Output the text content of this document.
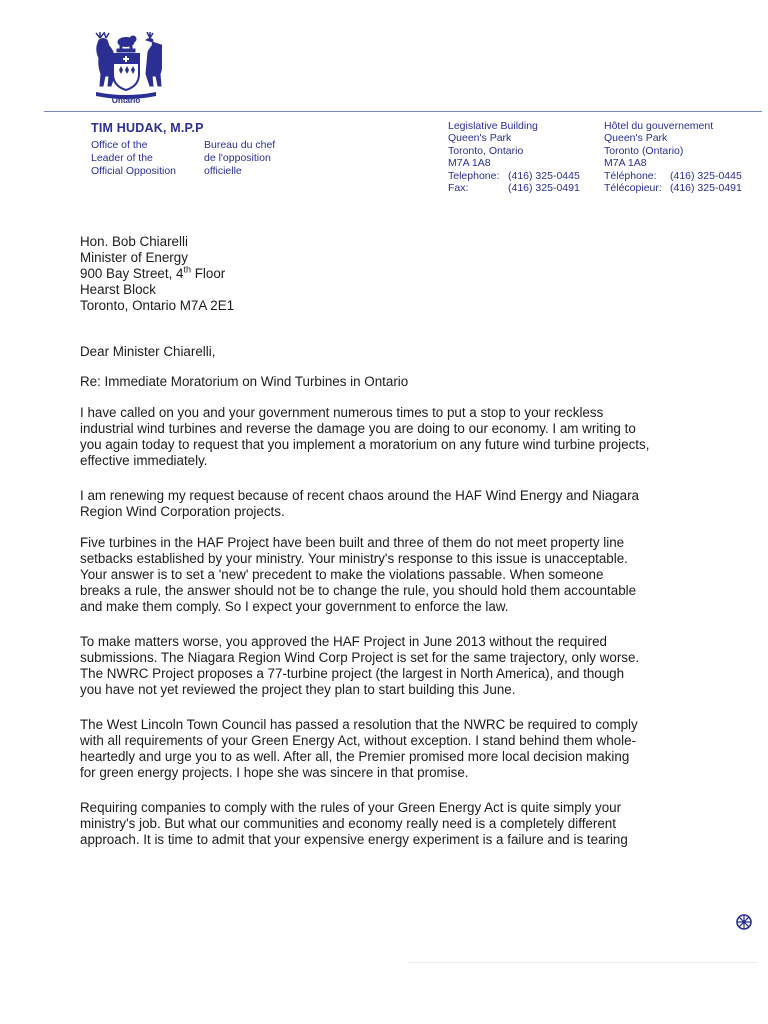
Ontario
TIM HUDAK, M.P.P
Office of the
Leader of the
Official Opposition
Bureau du chef
de l'opposition
officielle
Legislative Building
Queen's Park
Toronto, Ontario
M7A 1A8
Telephone: (416) 325-0445
Fax:	(416) 325-0491
Hôtel du gouvernement
Queen's Park
Toronto (Ontario)
M7A 1A8
Téléphone: (416) 325-0445
Télécopieur: (416) 325-0491
Hon. Bob Chiarelli
Minister of Energy
900 Bay Street, 4th Floor
Hearst Block
Toronto, Ontario M7A 2E1
Dear Minister Chiarelli,
Re: Immediate Moratorium on Wind Turbines in Ontario
I have called on you and your government numerous times to put a stop to your reckless
industrial wind turbines and reverse the damage you are doing to our economy. I am writing to
you again today to request that you implement a moratorium on any future wind turbine projects,
effective immediately.
I am renewing my request because of recent chaos around the HAF Wind Energy and Niagara
Region Wind Corporation projects.
Five turbines in the HAF Project have been built and three of them do not meet property line
setbacks established by your ministry. Your ministry's response to this issue is unacceptable.
Your answer is to set a 'new' precedent to make the violations passable. When someone
breaks a rule, the answer should not be to change the rule, you should hold them accountable
and make them comply. So I expect your government to enforce the law.
To make matters worse, you approved the HAF Project in June 2013 without the required
submissions. The Niagara Region Wind Corp Project is set for the same trajectory, only worse.
The NWRC Project proposes a 77-turbine project (the largest in North America), and though
you have not yet reviewed the project they plan to start building this June.
The West Lincoln Town Council has passed a resolution that the NWRC be required to comply
with all requirements of your Green Energy Act, without exception. I stand behind them whole-
heartedly and urge you to as well. After all, the Premier promised more local decision making
for green energy projects. I hope she was sincere in that promise.
Requiring companies to comply with the rules of your Green Energy Act is quite simply your
ministry's job. But what our communities and economy really need is a completely different
approach. It is time to admit that your expensive energy experiment is a failure and is tearing
